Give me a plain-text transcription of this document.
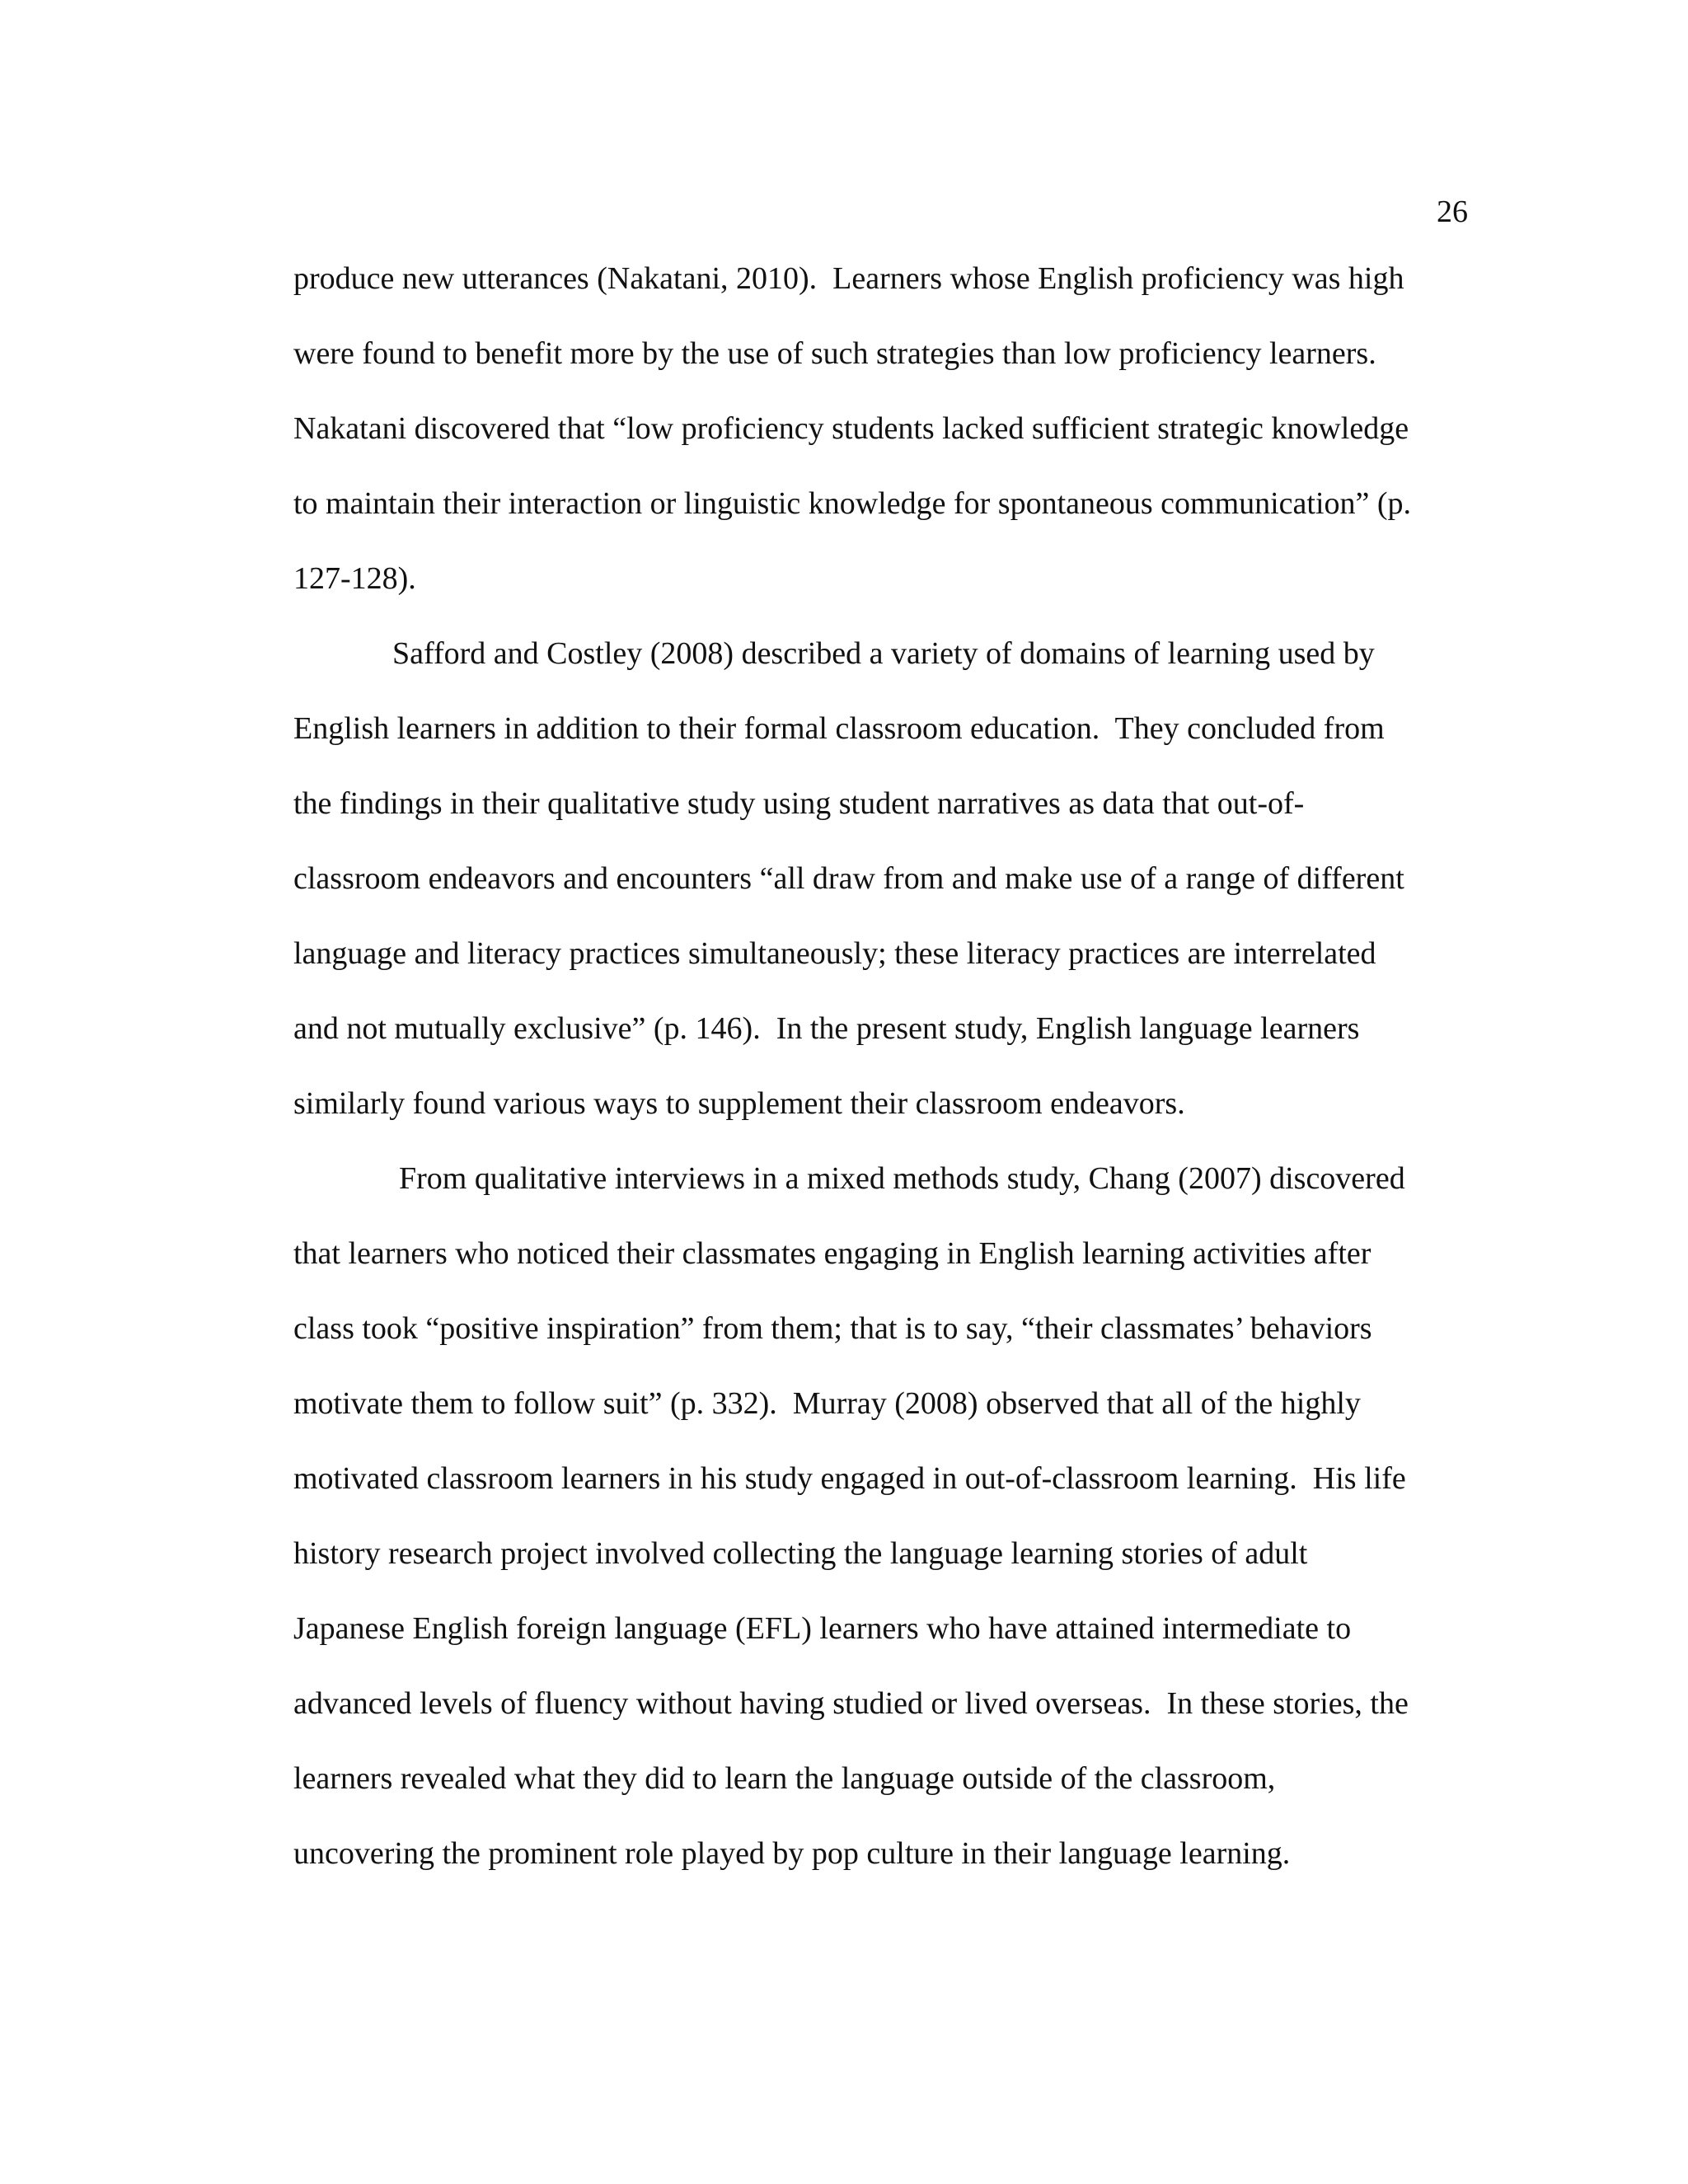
26
produce new utterances (Nakatani, 2010).  Learners whose English proficiency was high
were found to benefit more by the use of such strategies than low proficiency learners.
Nakatani discovered that “low proficiency students lacked sufficient strategic knowledge
to maintain their interaction or linguistic knowledge for spontaneous communication” (p.
127-128).
Safford and Costley (2008) described a variety of domains of learning used by
English learners in addition to their formal classroom education.  They concluded from
the findings in their qualitative study using student narratives as data that out-of-
classroom endeavors and encounters “all draw from and make use of a range of different
language and literacy practices simultaneously; these literacy practices are interrelated
and not mutually exclusive” (p. 146).  In the present study, English language learners
similarly found various ways to supplement their classroom endeavors.
From qualitative interviews in a mixed methods study, Chang (2007) discovered
that learners who noticed their classmates engaging in English learning activities after
class took “positive inspiration” from them; that is to say, “their classmates’ behaviors
motivate them to follow suit” (p. 332).  Murray (2008) observed that all of the highly
motivated classroom learners in his study engaged in out-of-classroom learning.  His life
history research project involved collecting the language learning stories of adult
Japanese English foreign language (EFL) learners who have attained intermediate to
advanced levels of fluency without having studied or lived overseas.  In these stories, the
learners revealed what they did to learn the language outside of the classroom,
uncovering the prominent role played by pop culture in their language learning.
